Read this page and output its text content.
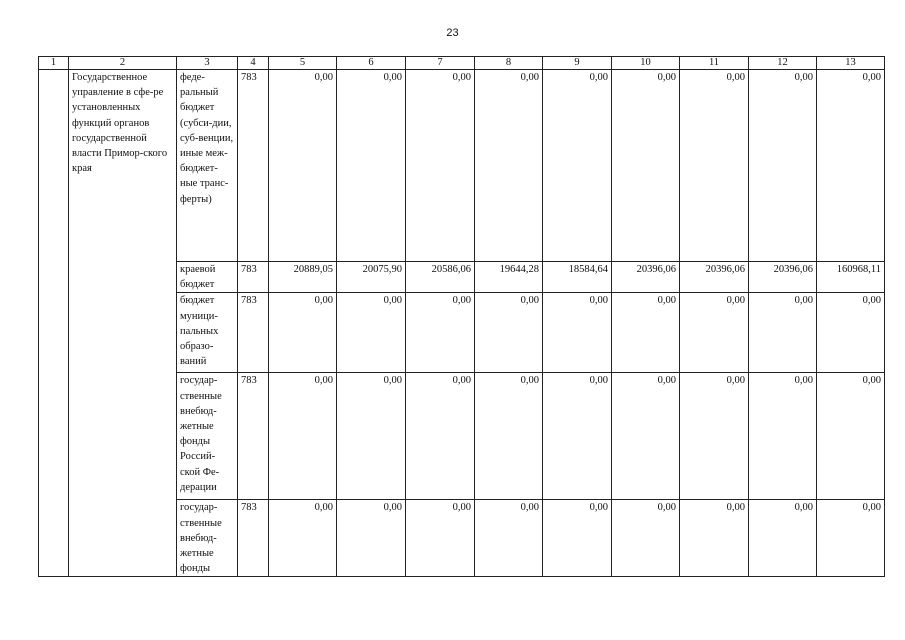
23
1	2	3	4	5	6	7	8	9	10	11	12	13
	Государственное управление в сфе-ре установленных функций органов государственной власти Примор-ского края	феде-ральный бюджет (субси-дии, суб-венции, иные меж-бюджет-ные транс-ферты)	783	0,00	0,00	0,00	0,00	0,00	0,00	0,00	0,00	0,00
		краевой бюджет	783	20889,05	20075,90	20586,06	19644,28	18584,64	20396,06	20396,06	20396,06	160968,11
		бюджет муници-пальных образо-ваний	783	0,00	0,00	0,00	0,00	0,00	0,00	0,00	0,00	0,00
		государ-ственные внебюд-жетные фонды Россий-ской Фе-дерации	783	0,00	0,00	0,00	0,00	0,00	0,00	0,00	0,00	0,00
		государ-ственные внебюд-жетные фонды	783	0,00	0,00	0,00	0,00	0,00	0,00	0,00	0,00	0,00
